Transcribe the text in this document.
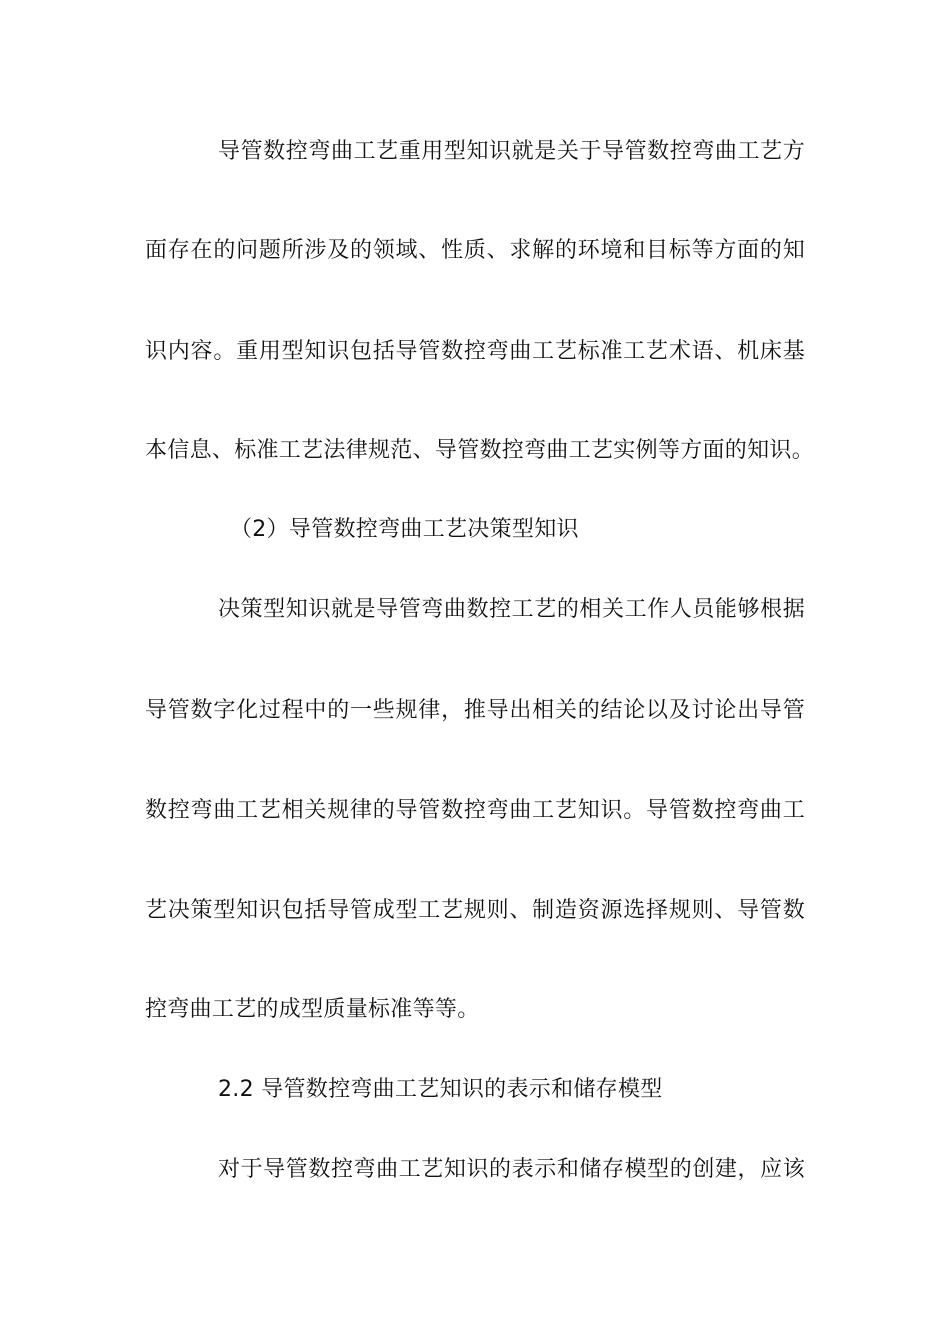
导管数控弯曲工艺重用型知识就是关于导管数控弯曲工艺方
面存在的问题所涉及的领域、性质、求解的环境和目标等方面的知
识内容。重用型知识包括导管数控弯曲工艺标准工艺术语、机床基
本信息、标准工艺法律规范、导管数控弯曲工艺实例等方面的知识。
（2）导管数控弯曲工艺决策型知识
决策型知识就是导管弯曲数控工艺的相关工作人员能够根据
导管数字化过程中的一些规律，推导出相关的结论以及讨论出导管
数控弯曲工艺相关规律的导管数控弯曲工艺知识。导管数控弯曲工
艺决策型知识包括导管成型工艺规则、制造资源选择规则、导管数
控弯曲工艺的成型质量标准等等。
2.2 导管数控弯曲工艺知识的表示和储存模型
对于导管数控弯曲工艺知识的表示和储存模型的创建，应该
